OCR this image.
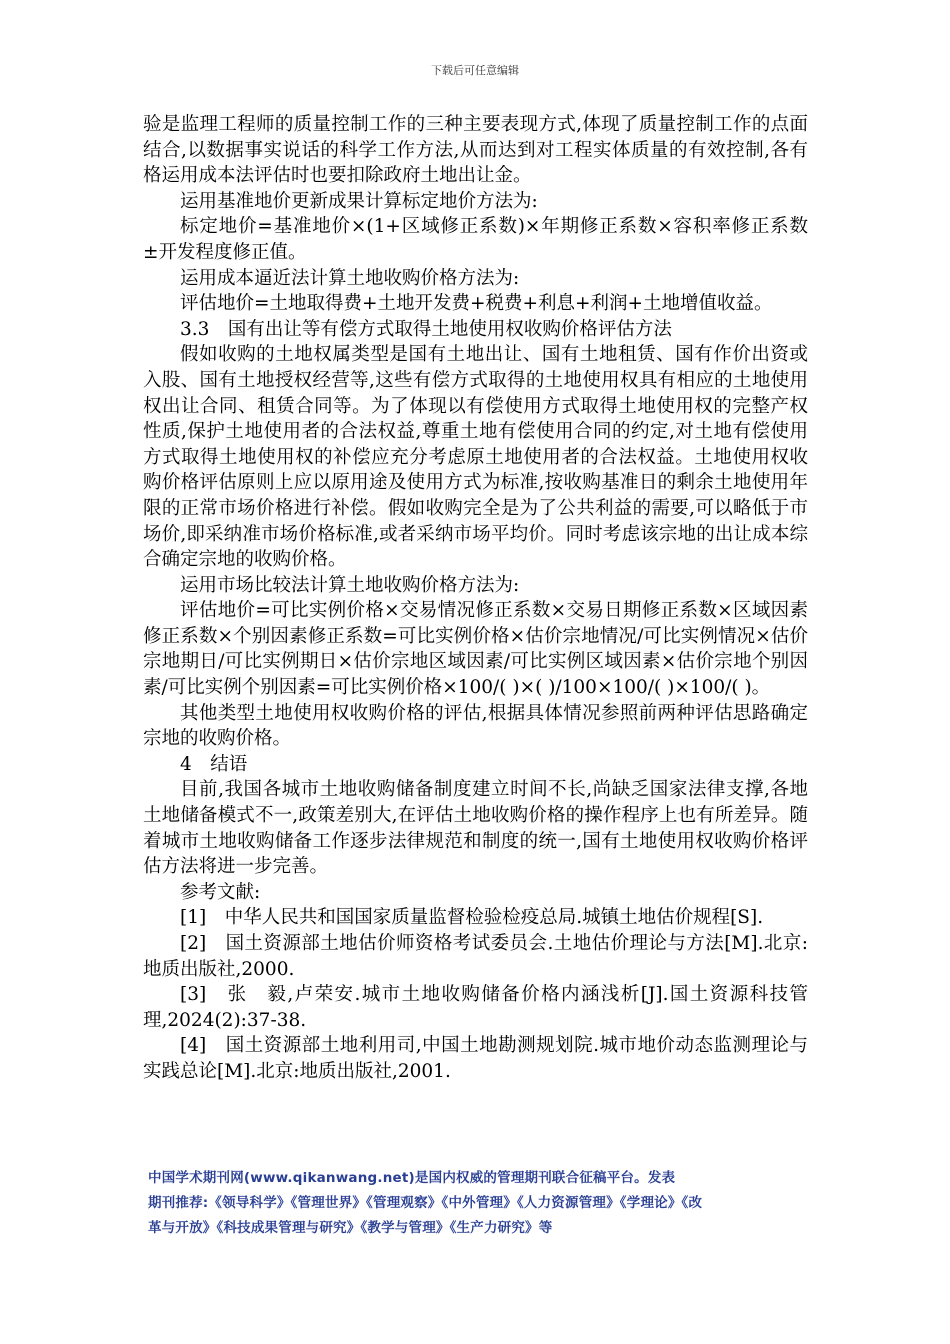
下载后可任意编辑

验是监理工程师的质量控制工作的三种主要表现方式,体现了质量控制工作的点面结合,以数据事实说话的科学工作方法,从而达到对工程实体质量的有效控制,各有格运用成本法评估时也要扣除政府土地出让金。

运用基准地价更新成果计算标定地价方法为:

标定地价=基准地价×(1+区域修正系数)×年期修正系数×容积率修正系数±开发程度修正值。

运用成本逼近法计算土地收购价格方法为:

评估地价=土地取得费+土地开发费+税费+利息+利润+土地增值收益。

3.3　国有出让等有偿方式取得土地使用权收购价格评估方法

假如收购的土地权属类型是国有土地出让、国有土地租赁、国有作价出资或入股、国有土地授权经营等,这些有偿方式取得的土地使用权具有相应的土地使用权出让合同、租赁合同等。为了体现以有偿使用方式取得土地使用权的完整产权性质,保护土地使用者的合法权益,尊重土地有偿使用合同的约定,对土地有偿使用方式取得土地使用权的补偿应充分考虑原土地使用者的合法权益。土地使用权收购价格评估原则上应以原用途及使用方式为标准,按收购基准日的剩余土地使用年限的正常市场价格进行补偿。假如收购完全是为了公共利益的需要,可以略低于市场价,即采纳准市场价格标准,或者采纳市场平均价。同时考虑该宗地的出让成本综合确定宗地的收购价格。

运用市场比较法计算土地收购价格方法为:

评估地价=可比实例价格×交易情况修正系数×交易日期修正系数×区域因素修正系数×个别因素修正系数=可比实例价格×估价宗地情况/可比实例情况×估价宗地期日/可比实例期日×估价宗地区域因素/可比实例区域因素×估价宗地个别因素/可比实例个别因素=可比实例价格×100/( )×( )/100×100/( )×100/( )。

其他类型土地使用权收购价格的评估,根据具体情况参照前两种评估思路确定宗地的收购价格。

4　结语

目前,我国各城市土地收购储备制度建立时间不长,尚缺乏国家法律支撑,各地土地储备模式不一,政策差别大,在评估土地收购价格的操作程序上也有所差异。随着城市土地收购储备工作逐步法律规范和制度的统一,国有土地使用权收购价格评估方法将进一步完善。

参考文献:

[1]　中华人民共和国国家质量监督检验检疫总局.城镇土地估价规程[S].

[2]　国土资源部土地估价师资格考试委员会.土地估价理论与方法[M].北京:地质出版社,2000.

[3]　张　毅,卢荣安.城市土地收购储备价格内涵浅析[J].国土资源科技管理,2024(2):37-38.

[4]　国土资源部土地利用司,中国土地勘测规划院.城市地价动态监测理论与实践总论[M].北京:地质出版社,2001.

中国学术期刊网(www.qikanwang.net)是国内权威的管理期刊联合征稿平台。发表

期刊推荐:《领导科学》《管理世界》《管理观察》《中外管理》《人力资源管理》《学理论》《改

革与开放》《科技成果管理与研究》《教学与管理》《生产力研究》等
